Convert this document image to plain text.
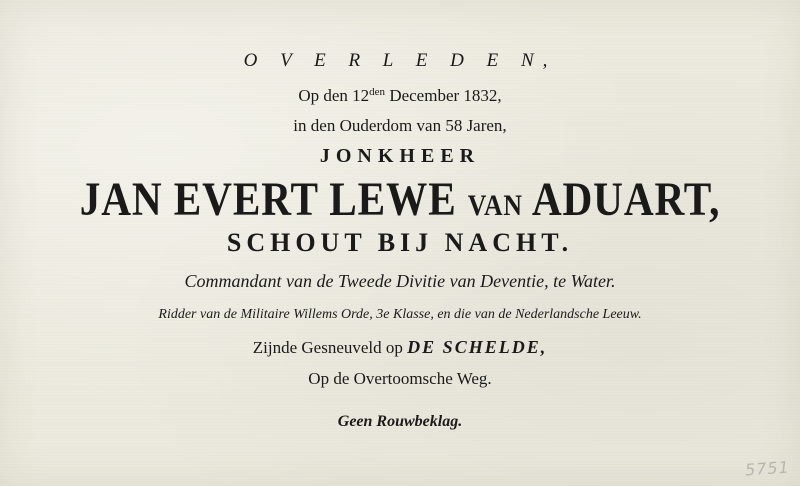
O V E R L E D E N,
Op den $12^{den}$ December 1832,
in den Ouderdom van 58 Jaren,
JONKHEER
JAN EVERT LEWE VAN ADUART,
SCHOUT BIJ NACHT.
Commandant van de Tweede Divitie van Deventie, te Water.
Ridder van de Militaire Willems Orde, 3e Klasse, en die van de Nederlandsche Leeuw.
Zijnde Gesneuveld op DE SCHELDE,
Op de Overtoomsche Weg.
Geen Rouwbeklag.
5751
